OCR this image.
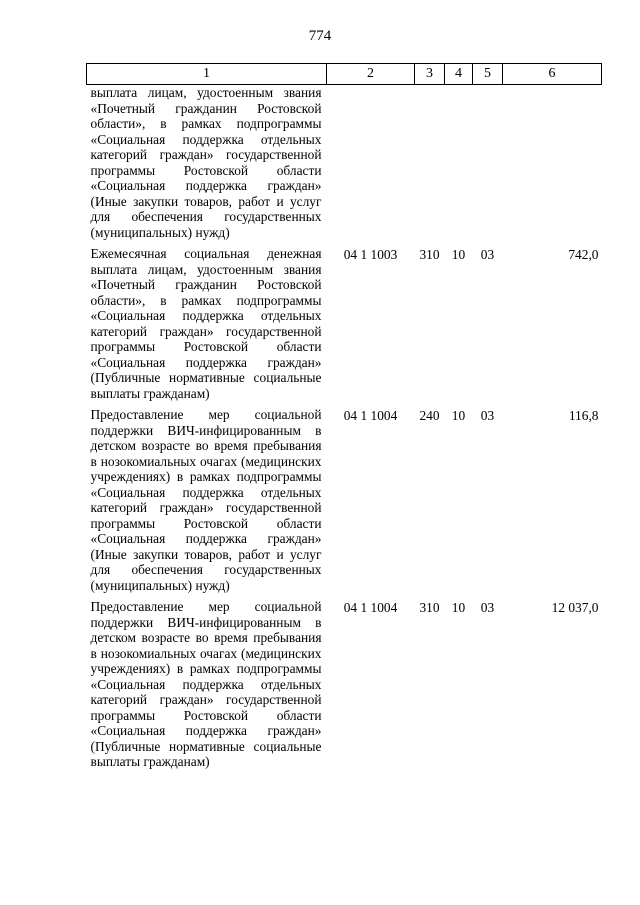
774
1	2	3	4	5	6
выплата лицам, удостоенным звания «Почетный гражданин Ростовской области», в рамках подпрограммы «Социальная поддержка отдельных категорий граждан» государственной программы Ростовской области «Социальная поддержка граждан» (Иные закупки товаров, работ и услуг для обеспечения государственных (муниципальных) нужд)					
Ежемесячная социальная денежная выплата лицам, удостоенным звания «Почетный гражданин Ростовской области», в рамках подпрограммы «Социальная поддержка отдельных категорий граждан» государственной программы Ростовской области «Социальная поддержка граждан» (Публичные нормативные социальные выплаты гражданам)	04 1 1003	310	10	03	742,0
Предоставление мер социальной поддержки ВИЧ-инфицированным в детском возрасте во время пребывания в нозокомиальных очагах (медицинских учреждениях) в рамках подпрограммы «Социальная поддержка отдельных категорий граждан» государственной программы Ростовской области «Социальная поддержка граждан» (Иные закупки товаров, работ и услуг для обеспечения государственных (муниципальных) нужд)	04 1 1004	240	10	03	116,8
Предоставление мер социальной поддержки ВИЧ-инфицированным в детском возрасте во время пребывания в нозокомиальных очагах (медицинских учреждениях) в рамках подпрограммы «Социальная поддержка отдельных категорий граждан» государственной программы Ростовской области «Социальная поддержка граждан» (Публичные нормативные социальные выплаты гражданам)	04 1 1004	310	10	03	12 037,0
